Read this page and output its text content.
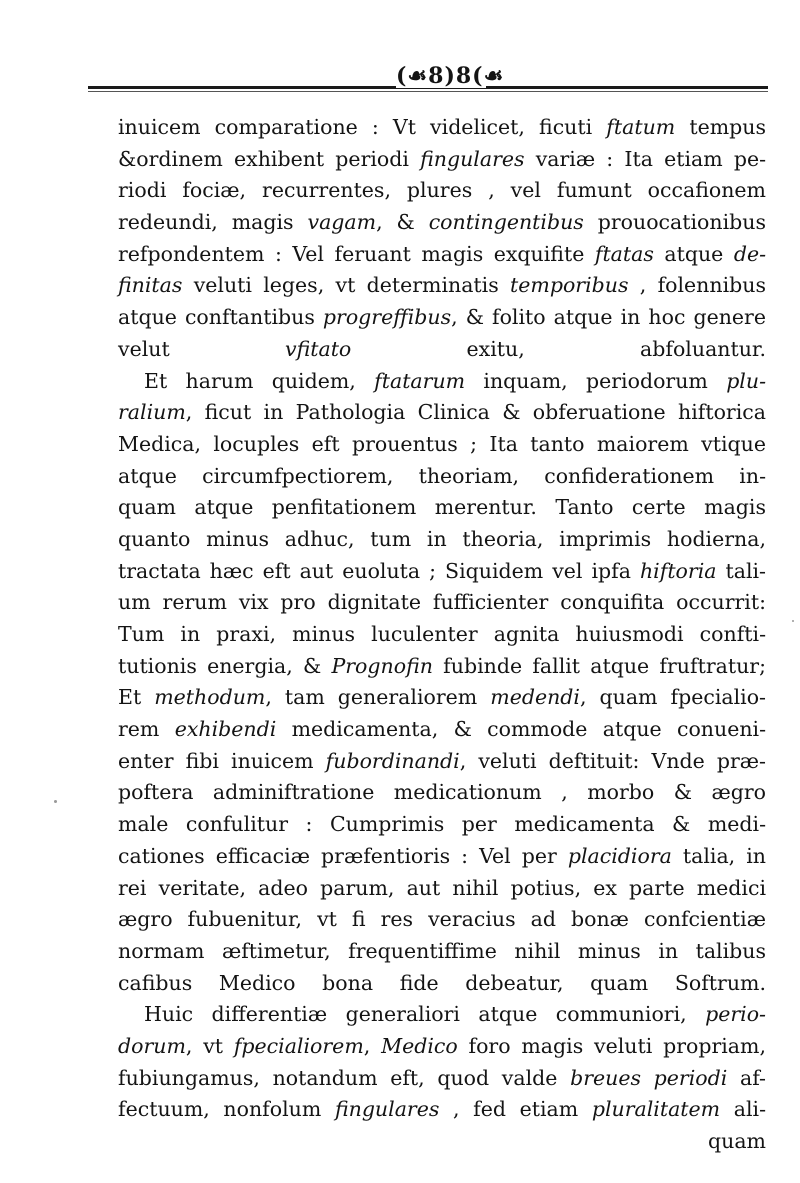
(☙8)8(☙
inuicem comparatione : Vt videlicet, ficuti ftatum tempus
&ordinem exhibent periodi fingulares variæ : Ita etiam pe-
riodi fociæ, recurrentes, plures , vel fumunt occafionem
redeundi, magis vagam, & contingentibus prouocationibus
refpondentem : Vel feruant magis exquifite ftatas atque de-
finitas veluti leges, vt determinatis temporibus , folennibus
atque conftantibus progreffibus, & folito atque in hoc genere
velut vfitato exitu, abfoluantur.
Et harum quidem, ftatarum inquam, periodorum plu-
ralium, ficut in Pathologia Clinica & obferuatione hiftorica
Medica, locuples eft prouentus ; Ita tanto maiorem vtique
atque circumfpectiorem, theoriam, confiderationem in-
quam atque penfitationem merentur. Tanto certe magis
quanto minus adhuc, tum in theoria, imprimis hodierna,
tractata hæc eft aut euoluta ; Siquidem vel ipfa hiftoria tali-
um rerum vix pro dignitate fufficienter conquifita occurrit:
Tum in praxi, minus luculenter agnita huiusmodi confti-
tutionis energia, & Prognofin fubinde fallit atque fruftratur;
Et methodum, tam generaliorem medendi, quam fpecialio-
rem exhibendi medicamenta, & commode atque conueni-
enter fibi inuicem fubordinandi, veluti deftituit: Vnde præ-
poftera adminiftratione medicationum , morbo & ægro
male confulitur : Cumprimis per medicamenta & medi-
cationes efficaciæ præfentioris : Vel per placidiora talia, in
rei veritate, adeo parum, aut nihil potius, ex parte medici
ægro fubuenitur, vt fi res veracius ad bonæ confcientiæ
normam æftimetur, frequentiffime nihil minus in talibus
cafibus Medico bona fide debeatur, quam Softrum.
Huic differentiæ generaliori atque communiori, perio-
dorum, vt fpecialiorem, Medico foro magis veluti propriam,
fubiungamus, notandum eft, quod valde breues periodi af-
fectuum, nonfolum fingulares , fed etiam pluralitatem ali-
quam
